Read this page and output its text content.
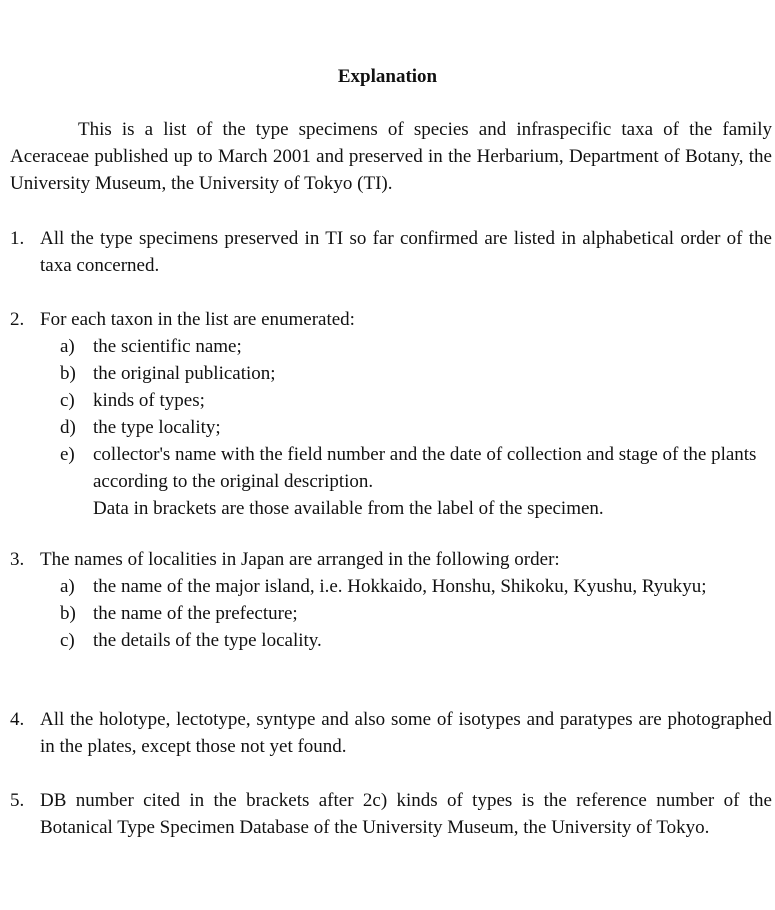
Explanation

This is a list of the type specimens of species and infraspecific taxa of the family Aceraceae published up to March 2001 and preserved in the Herbarium, Department of Botany, the University Museum, the University of Tokyo (TI).

1. All the type specimens preserved in TI so far confirmed are listed in alphabetical order of the taxa concerned.
2. For each taxon in the list are enumerated:
a) the scientific name;
b) the original publication;
c) kinds of types;
d) the type locality;
e) collector's name with the field number and the date of collection and stage of the plants according to the original description.
Data in brackets are those available from the label of the specimen.
3. The names of localities in Japan are arranged in the following order:
a) the name of the major island, i.e. Hokkaido, Honshu, Shikoku, Kyushu, Ryukyu;
b) the name of the prefecture;
c) the details of the type locality.
4. All the holotype, lectotype, syntype and also some of isotypes and paratypes are photographed in the plates, except those not yet found.
5. DB number cited in the brackets after 2c) kinds of types is the reference number of the Botanical Type Specimen Database of the University Museum, the University of Tokyo.
